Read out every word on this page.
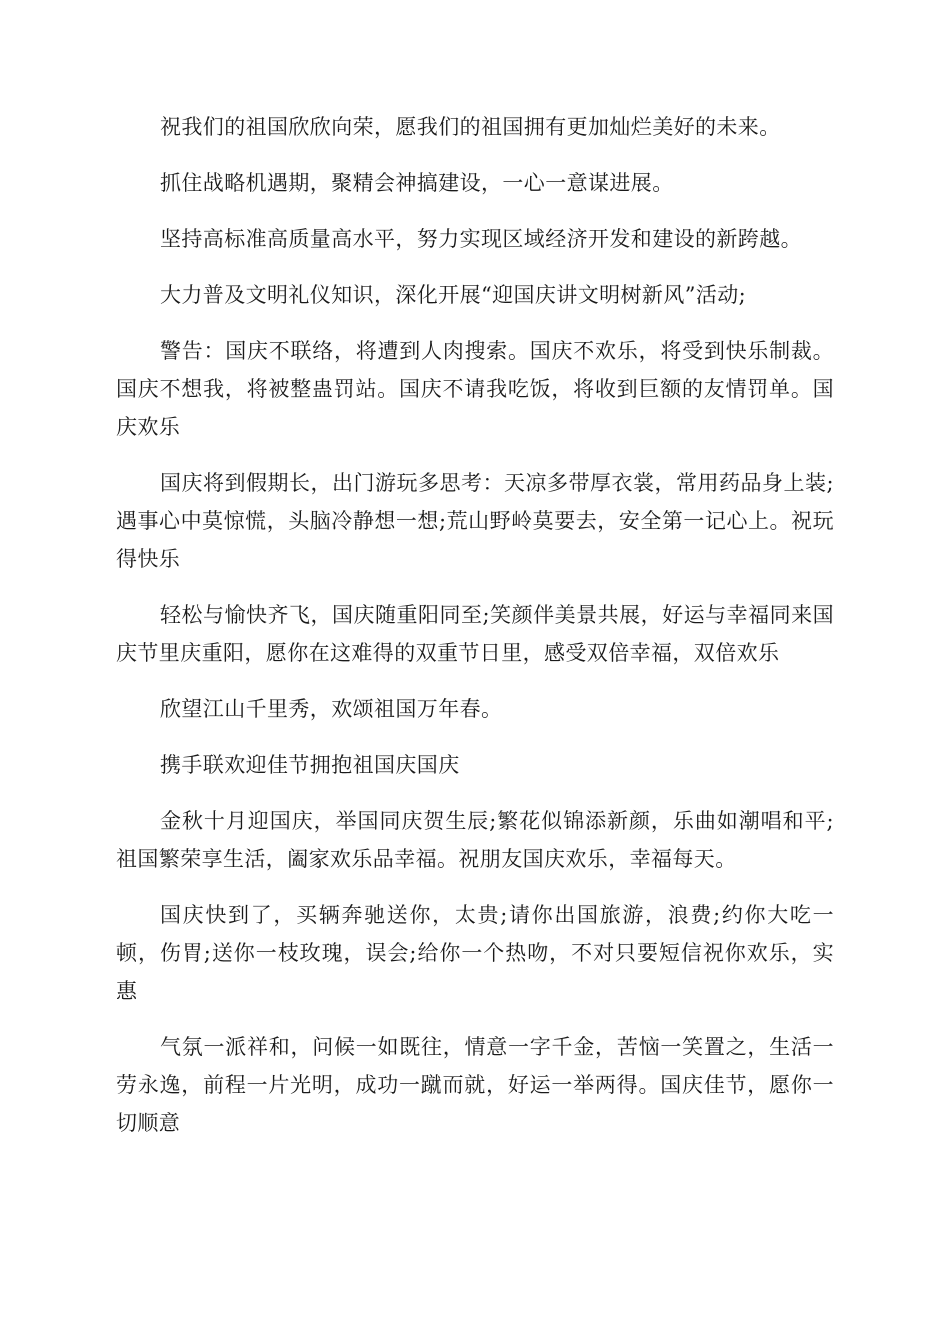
祝我们的祖国欣欣向荣，愿我们的祖国拥有更加灿烂美好的未来。

抓住战略机遇期，聚精会神搞建设，一心一意谋进展。

坚持高标准高质量高水平，努力实现区域经济开发和建设的新跨越。

大力普及文明礼仪知识，深化开展“迎国庆讲文明树新风”活动;

警告：国庆不联络，将遭到人肉搜索。国庆不欢乐，将受到快乐制裁。国庆不想我，将被整蛊罚站。国庆不请我吃饭，将收到巨额的友情罚单。国庆欢乐

国庆将到假期长，出门游玩多思考：天凉多带厚衣裳，常用药品身上装;遇事心中莫惊慌，头脑冷静想一想;荒山野岭莫要去，安全第一记心上。祝玩得快乐

轻松与愉快齐飞，国庆随重阳同至;笑颜伴美景共展，好运与幸福同来国庆节里庆重阳，愿你在这难得的双重节日里，感受双倍幸福，双倍欢乐

欣望江山千里秀，欢颂祖国万年春。

携手联欢迎佳节拥抱祖国庆国庆

金秋十月迎国庆，举国同庆贺生辰;繁花似锦添新颜，乐曲如潮唱和平;祖国繁荣享生活，阖家欢乐品幸福。祝朋友国庆欢乐，幸福每天。

国庆快到了，买辆奔驰送你，太贵;请你出国旅游，浪费;约你大吃一顿，伤胃;送你一枝玫瑰，误会;给你一个热吻，不对只要短信祝你欢乐，实惠

气氛一派祥和，问候一如既往，情意一字千金，苦恼一笑置之，生活一劳永逸，前程一片光明，成功一蹴而就，好运一举两得。国庆佳节，愿你一切顺意
